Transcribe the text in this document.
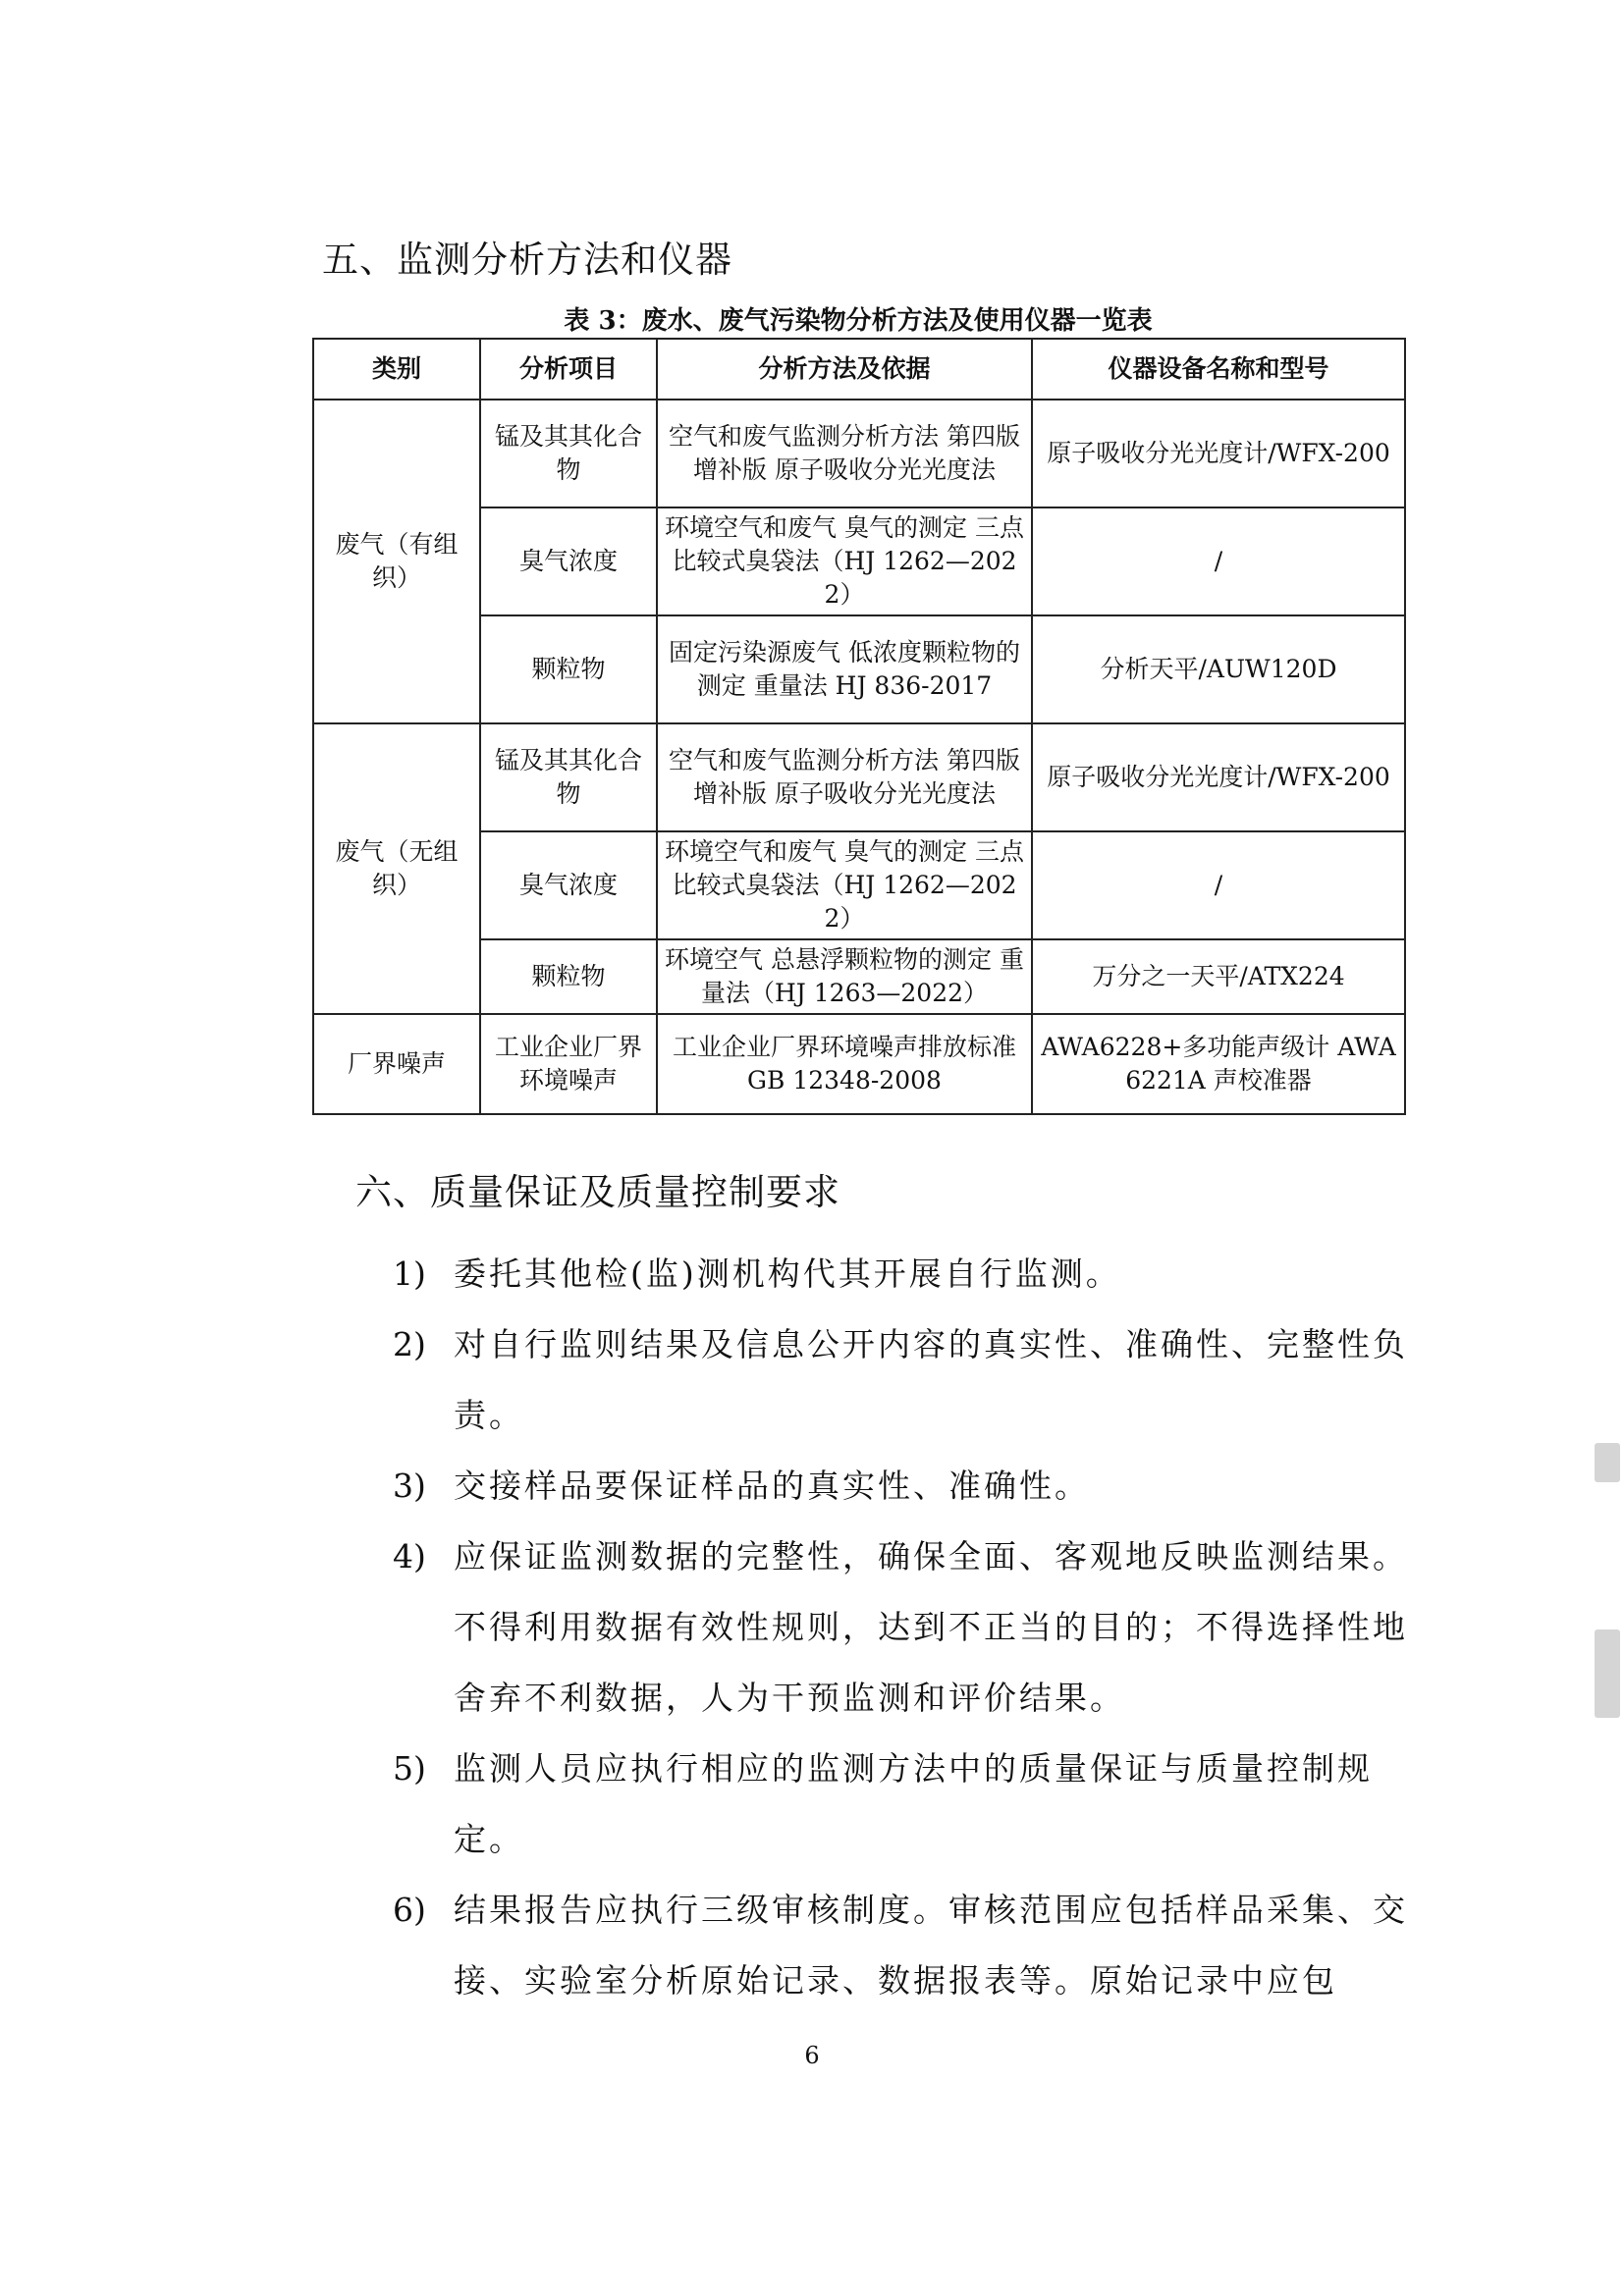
五、监测分析方法和仪器
表 3：废水、废气污染物分析方法及使用仪器一览表
类别	分析项目	分析方法及依据	仪器设备名称和型号
废气（有组织）	锰及其其化合物	空气和废气监测分析方法 第四版增补版 原子吸收分光光度法	原子吸收分光光度计/WFX-200
	臭气浓度	环境空气和废气 臭气的测定 三点比较式臭袋法（HJ 1262—2022）	/
	颗粒物	固定污染源废气 低浓度颗粒物的测定 重量法 HJ 836-2017	分析天平/AUW120D
废气（无组织）	锰及其其化合物	空气和废气监测分析方法 第四版增补版 原子吸收分光光度法	原子吸收分光光度计/WFX-200
	臭气浓度	环境空气和废气 臭气的测定 三点比较式臭袋法（HJ 1262—2022）	/
	颗粒物	环境空气 总悬浮颗粒物的测定 重量法（HJ 1263—2022）	万分之一天平/ATX224
厂界噪声	工业企业厂界环境噪声	工业企业厂界环境噪声排放标准 GB 12348-2008	AWA6228+多功能声级计 AWA6221A 声校准器
六、质量保证及质量控制要求
1) 委托其他检(监)测机构代其开展自行监测。
2) 对自行监则结果及信息公开内容的真实性、准确性、完整性负责。
3) 交接样品要保证样品的真实性、准确性。
4) 应保证监测数据的完整性，确保全面、客观地反映监测结果。不得利用数据有效性规则，达到不正当的目的；不得选择性地舍弃不利数据，人为干预监测和评价结果。
5) 监测人员应执行相应的监测方法中的质量保证与质量控制规定。
6) 结果报告应执行三级审核制度。审核范围应包括样品采集、交接、实验室分析原始记录、数据报表等。原始记录中应包
6
